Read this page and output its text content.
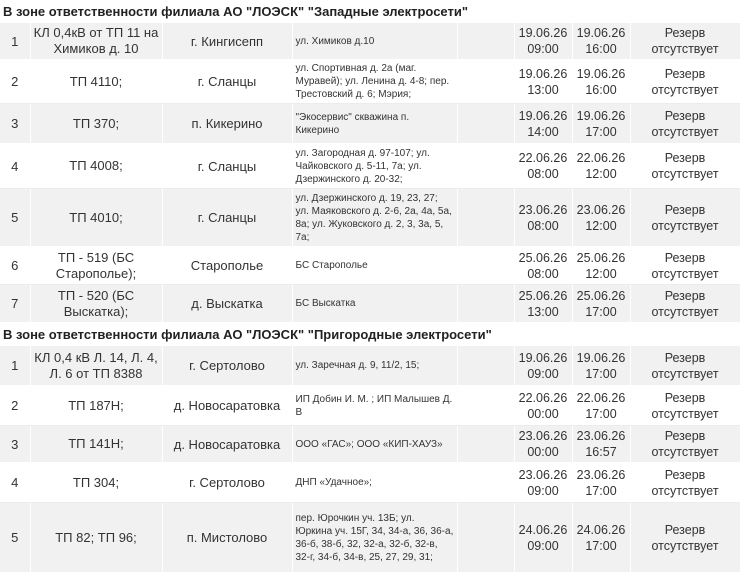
В зоне ответственности филиала АО "ЛОЭСК" "Западные электросети"							
1	КЛ 0,4кВ от ТП 11 на Химиков д. 10	г. Кингисепп	ул. Химиков д.10		19.06.26 09:00	19.06.26 16:00	Резерв отсутствует
2	ТП 4110;	г. Сланцы	ул. Спортивная д. 2а (маг. Муравей); ул. Ленина д. 4-8; пер. Трестовский д. 6; Мэрия;		19.06.26 13:00	19.06.26 16:00	Резерв отсутствует
3	ТП 370;	п. Кикерино	"Экосервис" скважина п. Кикерино		19.06.26 14:00	19.06.26 17:00	Резерв отсутствует
4	ТП 4008;	г. Сланцы	ул. Загородная д. 97-107; ул. Чайковского д. 5-11, 7а; ул. Дзержинского д. 20-32;		22.06.26 08:00	22.06.26 12:00	Резерв отсутствует
5	ТП 4010;	г. Сланцы	ул. Дзержинского д. 19, 23, 27; ул. Маяковского д. 2-6, 2а, 4а, 5а, 8а; ул. Жуковского д. 2, 3, 3а, 5, 7а;		23.06.26 08:00	23.06.26 12:00	Резерв отсутствует
6	ТП - 519 (БС Старополье);	Старополье	БС Старополье		25.06.26 08:00	25.06.26 12:00	Резерв отсутствует
7	ТП - 520 (БС Выскатка);	д. Выскатка	БС Выскатка		25.06.26 13:00	25.06.26 17:00	Резерв отсутствует
В зоне ответственности филиала АО "ЛОЭСК" "Пригородные электросети"							
1	КЛ 0,4 кВ Л. 14, Л. 4, Л. 6 от ТП 8388	г. Сертолово	ул. Заречная д. 9, 11/2, 15;		19.06.26 09:00	19.06.26 17:00	Резерв отсутствует
2	ТП 187Н;	д. Новосаратовка	ИП Добин И. М. ; ИП Малышев Д. В		22.06.26 00:00	22.06.26 17:00	Резерв отсутствует
3	ТП 141Н;	д. Новосаратовка	ООО «ГАС»; ООО «КИП-ХАУЗ»		23.06.26 00:00	23.06.26 16:57	Резерв отсутствует
4	ТП 304;	г. Сертолово	ДНП «Удачное»;		23.06.26 09:00	23.06.26 17:00	Резерв отсутствует
5	ТП 82; ТП 96;	п. Мистолово	пер. Юрочкин уч. 13Б; ул. Юркина уч. 15Г, 34, 34-а, 36, 36-а, 36-б, 38-б, 32, 32-а, 32-б, 32-в, 32-г, 34-б, 34-в, 25, 27, 29, 31;		24.06.26 09:00	24.06.26 17:00	Резерв отсутствует
